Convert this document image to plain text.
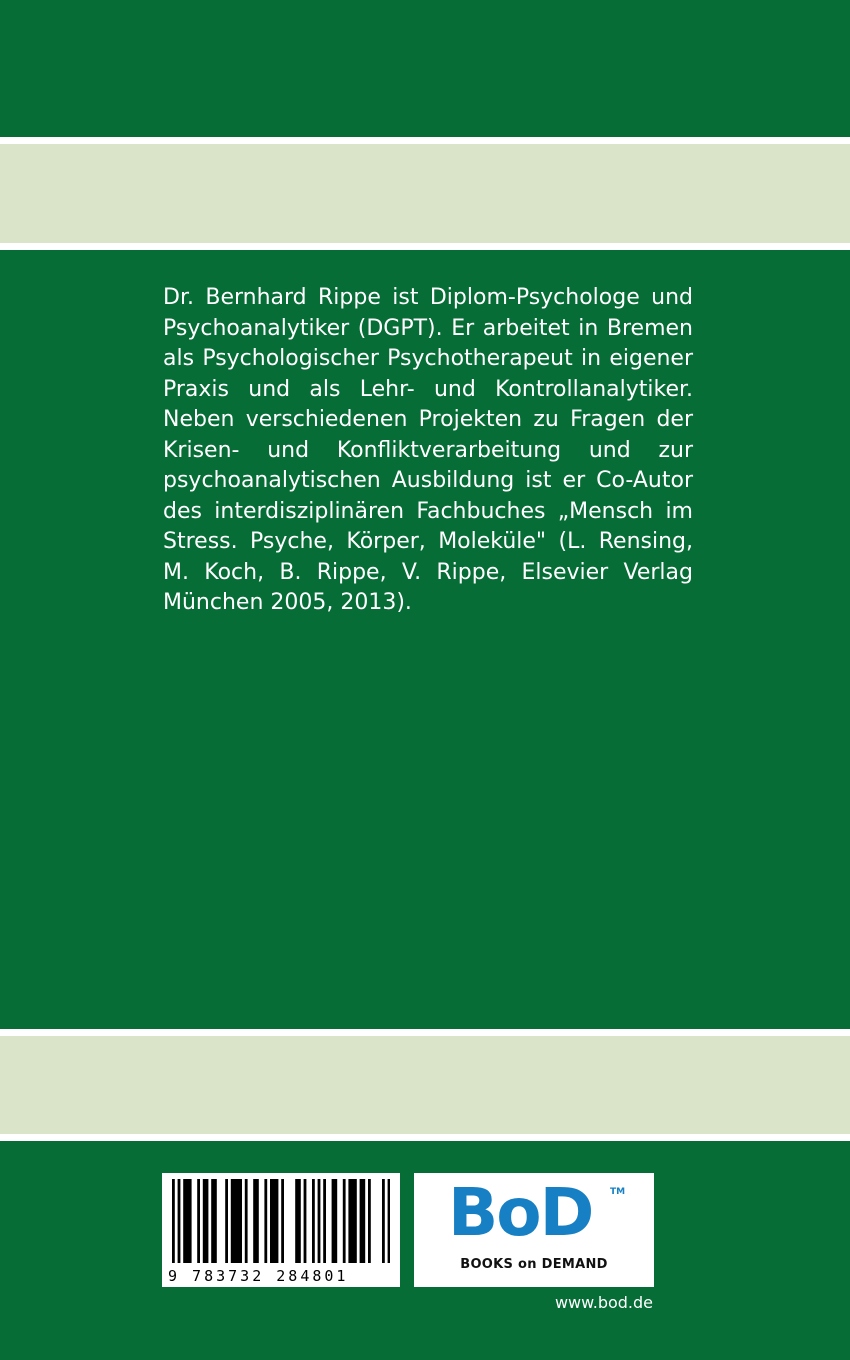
Dr. Bernhard Rippe ist Diplom-Psychologe und Psychoanalytiker (DGPT). Er arbeitet in Bremen als Psychologischer Psychotherapeut in eigener Praxis und als Lehr- und Kontrollanalytiker. Neben verschiedenen Projekten zu Fragen der Krisen- und Konfliktverarbeitung und zur psychoanalytischen Ausbildung ist er Co-Autor des interdisziplinären Fachbuches „Mensch im Stress. Psyche, Körper, Moleküle" (L. Rensing, M. Koch, B. Rippe, V. Rippe, Elsevier Verlag München 2005, 2013).

9 783732 284801
BoD TM
BOOKS on DEMAND
www.bod.de
